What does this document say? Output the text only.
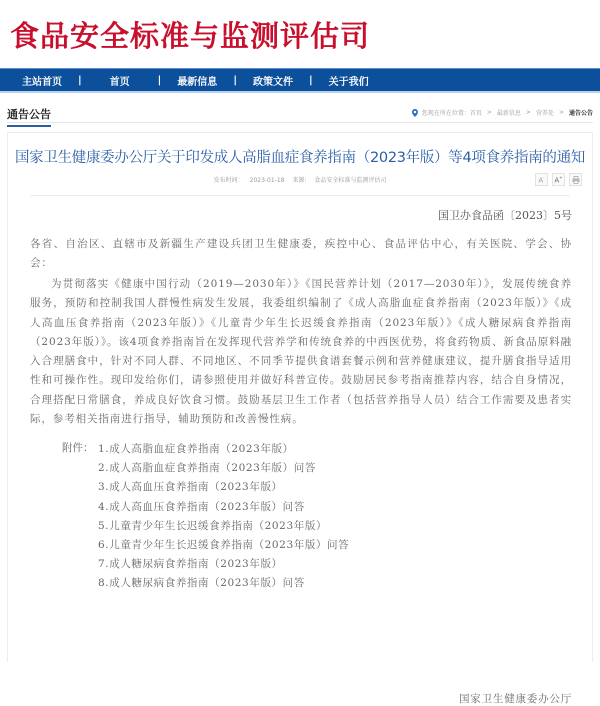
食品安全标准与监测评估司
主站首页 |	首页	| 最新信息 | 政策文件 | 关于我们
通告公告	您现在所在位置： 首页 > 最新信息 > 营养处 > 通告公告
国家卫生健康委办公厅关于印发成人高脂血症食养指南（2023年版）等4项食养指南的通知
发布时间： 2023-01-18 来源: 食品安全标准与监测评估司	A- A+
国卫办食品函〔2023〕5号

各省、自治区、直辖市及新疆生产建设兵团卫生健康委，疾控中心、食品评估中心，有关医院、学会、协会：

为贯彻落实《健康中国行动（2019—2030年）》《国民营养计划（2017—2030年）》，发展传统食养服务，预防和控制我国人群慢性病发生发展，我委组织编制了《成人高脂血症食养指南（2023年版）》《成人高血压食养指南（2023年版）》《儿童青少年生长迟缓食养指南（2023年版）》《成人糖尿病食养指南（2023年版）》。该4项食养指南旨在发挥现代营养学和传统食养的中西医优势，将食药物质、新食品原料融入合理膳食中，针对不同人群、不同地区、不同季节提供食谱套餐示例和营养健康建议，提升膳食指导适用性和可操作性。现印发给你们，请参照使用并做好科普宣传。鼓励居民参考指南推荐内容，结合自身情况，合理搭配日常膳食，养成良好饮食习惯。鼓励基层卫生工作者（包括营养指导人员）结合工作需要及患者实际，参考相关指南进行指导，辅助预防和改善慢性病。

附件： 1.成人高脂血症食养指南（2023年版）
2.成人高脂血症食养指南（2023年版）问答
3.成人高血压食养指南（2023年版）
4.成人高血压食养指南（2023年版）问答
5.儿童青少年生长迟缓食养指南（2023年版）
6.儿童青少年生长迟缓食养指南（2023年版）问答
7.成人糖尿病食养指南（2023年版）
8.成人糖尿病食养指南（2023年版）问答
国家卫生健康委办公厅
